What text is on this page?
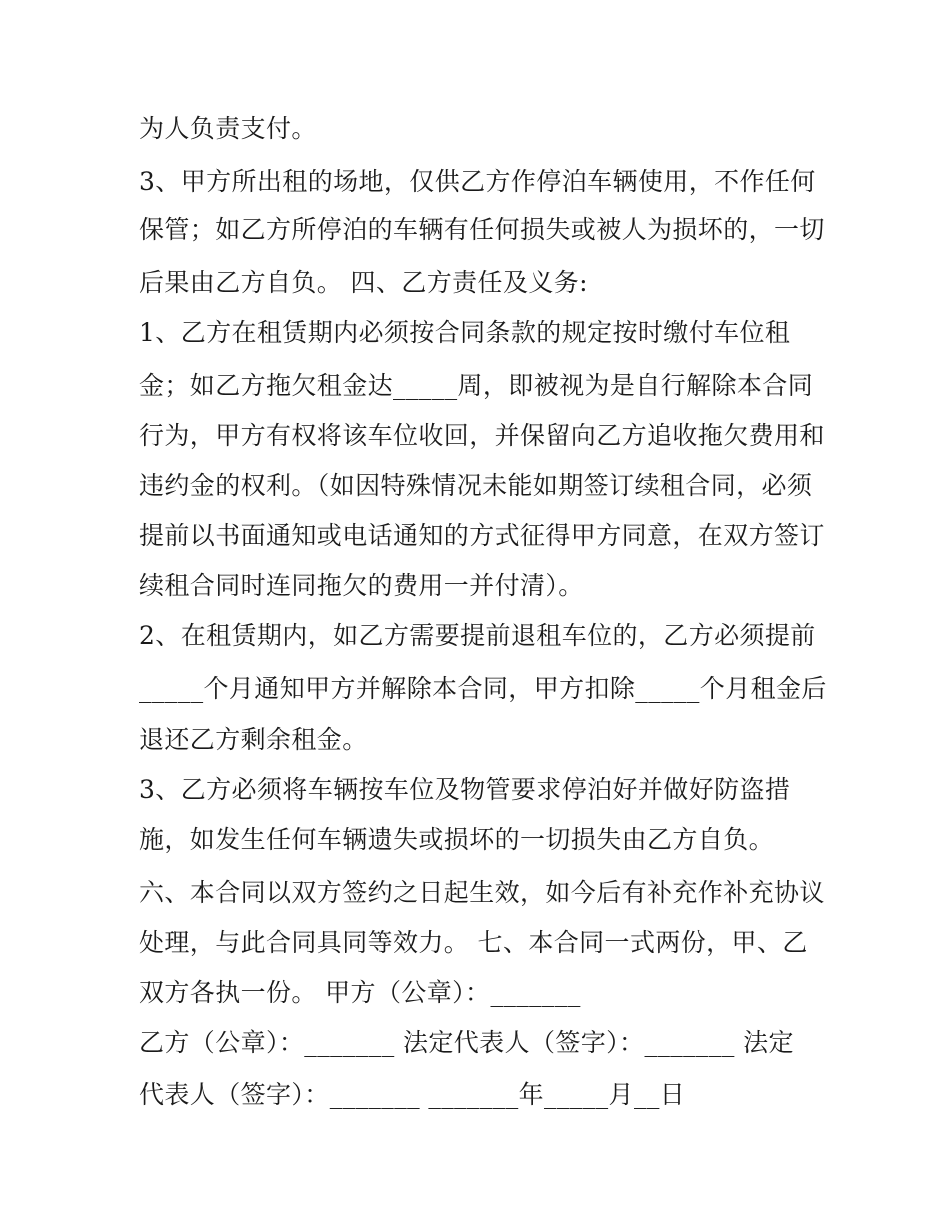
为人负责支付。
3、甲方所出租的场地，仅供乙方作停泊车辆使用，不作任何
保管；如乙方所停泊的车辆有任何损失或被人为损坏的，一切
后果由乙方自负。 四、乙方责任及义务:
1、乙方在租赁期内必须按合同条款的规定按时缴付车位租
金；如乙方拖欠租金达_____周，即被视为是自行解除本合同
行为，甲方有权将该车位收回，并保留向乙方追收拖欠费用和
违约金的权利。（如因特殊情况未能如期签订续租合同，必须
提前以书面通知或电话通知的方式征得甲方同意，在双方签订
续租合同时连同拖欠的费用一并付清）。
2、在租赁期内，如乙方需要提前退租车位的，乙方必须提前
_____个月通知甲方并解除本合同，甲方扣除_____个月租金后
退还乙方剩余租金。
3、乙方必须将车辆按车位及物管要求停泊好并做好防盗措
施，如发生任何车辆遗失或损坏的一切损失由乙方自负。
六、本合同以双方签约之日起生效，如今后有补充作补充协议
处理，与此合同具同等效力。 七、本合同一式两份，甲、乙
双方各执一份。 甲方（公章）：_______
乙方（公章）：_______ 法定代表人（签字）：_______ 法定
代表人（签字）：_______ _______年_____月__日
